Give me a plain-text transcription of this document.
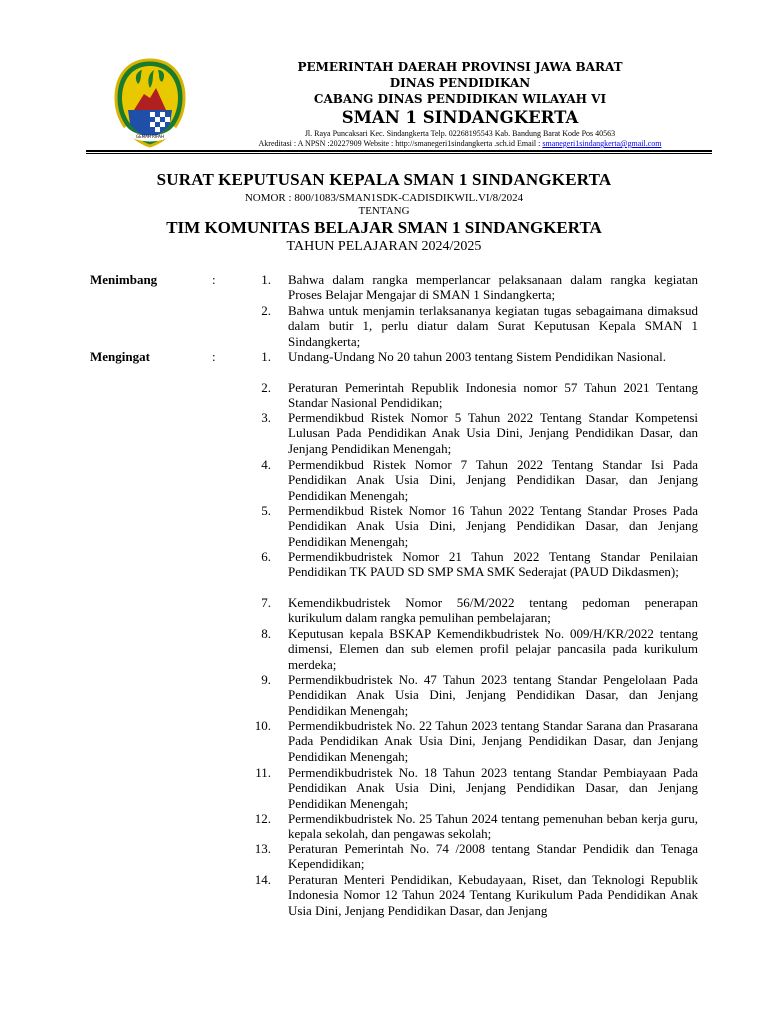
GEMAH RIPAH
PEMERINTAH DAERAH PROVINSI JAWA BARAT
DINAS PENDIDIKAN
CABANG DINAS PENDIDIKAN WILAYAH VI
SMAN 1 SINDANGKERTA
Jl. Raya Puncaksari Kec. Sindangkerta Telp. 02268195543 Kab. Bandung Barat Kode Pos 40563
Akreditasi : A NPSN :20227909 Website : http://smanegeri1sindangkerta .sch.id Email : smanegeri1sindangkerta@gmail.com
SURAT KEPUTUSAN KEPALA SMAN 1 SINDANGKERTA
NOMOR : 800/1083/SMAN1SDK-CADISDIKWIL.VI/8/2024
TENTANG
TIM KOMUNITAS BELAJAR SMAN 1 SINDANGKERTA
TAHUN PELAJARAN 2024/2025
Menimbang	:
Mengingat	:
1. Bahwa dalam rangka memperlancar pelaksanaan dalam rangka kegiatan Proses Belajar Mengajar di SMAN 1 Sindangkerta;
2. Bahwa untuk menjamin terlaksananya kegiatan tugas sebagaimana dimaksud dalam butir 1, perlu diatur dalam Surat Keputusan Kepala SMAN 1 Sindangkerta;
1. Undang-Undang No 20 tahun 2003 tentang Sistem Pendidikan Nasional.
2. Peraturan Pemerintah Republik Indonesia nomor 57 Tahun 2021 Tentang Standar Nasional Pendidikan;
3. Permendikbud Ristek Nomor 5 Tahun 2022 Tentang Standar Kompetensi Lulusan Pada Pendidikan Anak Usia Dini, Jenjang Pendidikan Dasar, dan Jenjang Pendidikan Menengah;
4. Permendikbud Ristek Nomor 7 Tahun 2022 Tentang Standar Isi Pada Pendidikan Anak Usia Dini, Jenjang Pendidikan Dasar, dan Jenjang Pendidikan Menengah;
5. Permendikbud Ristek Nomor 16 Tahun 2022 Tentang Standar Proses Pada Pendidikan Anak Usia Dini, Jenjang Pendidikan Dasar, dan Jenjang Pendidikan Menengah;
6. Permendikbudristek Nomor 21 Tahun 2022 Tentang Standar Penilaian Pendidikan TK PAUD SD SMP SMA SMK Sederajat (PAUD Dikdasmen);
7. Kemendikbudristek Nomor 56/M/2022 tentang pedoman penerapan kurikulum dalam rangka pemulihan pembelajaran;
8. Keputusan kepala BSKAP Kemendikbudristek No. 009/H/KR/2022 tentang dimensi, Elemen dan sub elemen profil pelajar pancasila pada kurikulum merdeka;
9. Permendikbudristek No. 47 Tahun 2023 tentang Standar Pengelolaan Pada Pendidikan Anak Usia Dini, Jenjang Pendidikan Dasar, dan Jenjang Pendidikan Menengah;
10. Permendikbudristek No. 22 Tahun 2023 tentang Standar Sarana dan Prasarana Pada Pendidikan Anak Usia Dini, Jenjang Pendidikan Dasar, dan Jenjang Pendidikan Menengah;
11. Permendikbudristek No. 18 Tahun 2023 tentang Standar Pembiayaan Pada Pendidikan Anak Usia Dini, Jenjang Pendidikan Dasar, dan Jenjang Pendidikan Menengah;
12. Permendikbudristek No. 25 Tahun 2024 tentang pemenuhan beban kerja guru, kepala sekolah, dan pengawas sekolah;
13. Peraturan Pemerintah No. 74 /2008 tentang Standar Pendidik dan Tenaga Kependidikan;
14. Peraturan Menteri Pendidikan, Kebudayaan, Riset, dan Teknologi Republik Indonesia Nomor 12 Tahun 2024 Tentang Kurikulum Pada Pendidikan Anak Usia Dini, Jenjang Pendidikan Dasar, dan Jenjang
